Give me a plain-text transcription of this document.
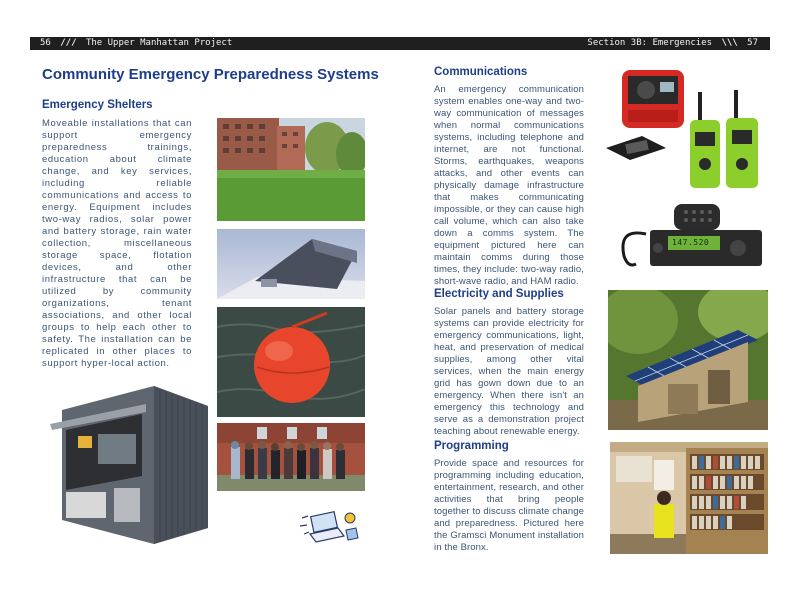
56 /// The Upper Manhattan Project	Section 3B: Emergencies \\\ 57
Community Emergency Preparedness Systems
Emergency Shelters
Moveable installations that can support emergency preparedness trainings, education about climate change, and key services, including reliable communications and access to energy. Equipment includes two-way radios, solar power and battery storage, rain water collection, miscellaneous storage space, flotation devices, and other infrastructure that can be utilized by community organizations, tenant associations, and other local groups to help each other to safety. The installation can be replicated in other places to support hyper-local action.
Communications
An emergency communication system enables one-way and two-way communication of messages when normal communications systems, including telephone and internet, are not functional. Storms, earthquakes, weapons attacks, and other events can physically damage infrastructure that makes communicating impossible, or they can cause high call volume, which can also take down a comms system. The equipment pictured here can maintain comms during those times, they include: two-way radio, short-wave radio, and HAM radio.
Electricity and Supplies
Solar panels and battery storage systems can provide electricity for emergency communications, light, heat, and preservation of medical supplies, among other vital services, when the main energy grid has gown down due to an emergency. When there isn't an emergency this technology and serve as a demonstration project teaching about renewable energy.
Programming
Provide space and resources for programming including education, entertainment, research, and other activities that bring people together to discuss climate change and preparedness. Pictured here the Gramsci Monument installation in the Bronx.
147.520
